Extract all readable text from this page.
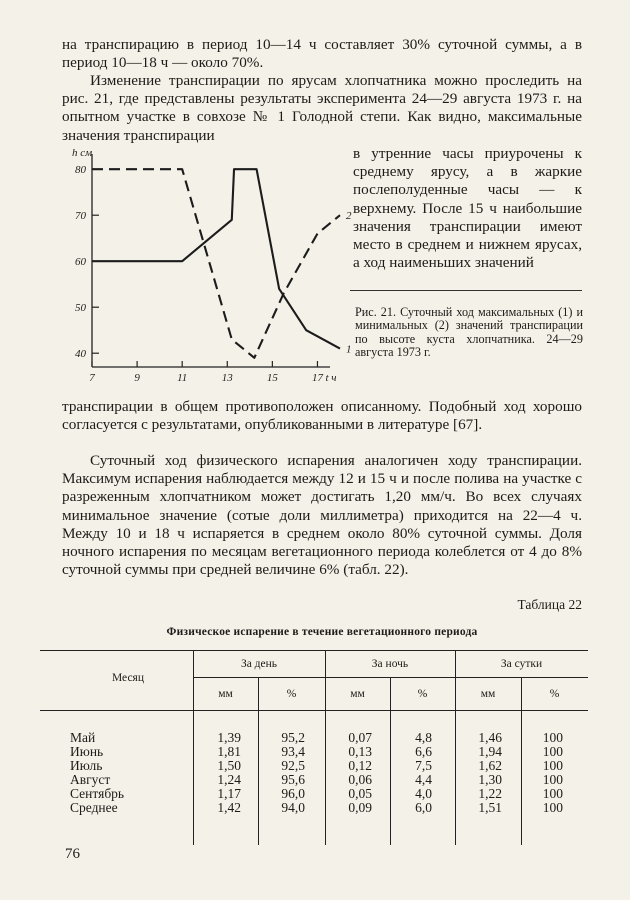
на транспирацию в период 10—14 ч составляет 30% суточной суммы, а в период 10—18 ч — около 70%.

Изменение транспирации по ярусам хлопчатника можно проследить на рис. 21, где представлены результаты эксперимента 24—29 августа 1973 г. на опытном участке в совхозе № 1 Голодной степи. Как видно, максимальные значения транспирации

в утренние часы приурочены к среднему ярусу, а в жаркие послеполуденные часы — к верхнему. После 15 ч наибольшие значения транспирации имеют место в среднем и нижнем ярусах, а ход наименьших значений

40
50
60
70
80
7	9	11	13	15	17
h см
t ч
1
2

Рис. 21. Суточный ход максимальных (1) и минимальных (2) значений транспирации по высоте куста хлопчатника. 24—29 августа 1973 г.

транспирации в общем противоположен описанному. Подобный ход хорошо согласуется с результатами, опубликованными в литературе [67].

Суточный ход физического испарения аналогичен ходу транспирации. Максимум испарения наблюдается между 12 и 15 ч и после полива на участке с разреженным хлопчатником может достигать 1,20 мм/ч. Во всех случаях минимальное значение (сотые доли миллиметра) приходится на 22—4 ч. Между 10 и 18 ч испаряется в среднем около 80% суточной суммы. Доля ночного испарения по месяцам вегетационного периода колеблется от 4 до 8% суточной суммы при средней величине 6% (табл. 22).

Таблица 22
Физическое испарение в течение вегетационного периода
Месяц
За день	За ночь	За сутки
мм	%	мм	%	мм	%
Май	1,39	95,2	0,07	4,8	1,46	100
Июнь	1,81	93,4	0,13	6,6	1,94	100
Июль	1,50	92,5	0,12	7,5	1,62	100
Август	1,24	95,6	0,06	4,4	1,30	100
Сентябрь	1,17	96,0	0,05	4,0	1,22	100
Среднее	1,42	94,0	0,09	6,0	1,51	100
76
